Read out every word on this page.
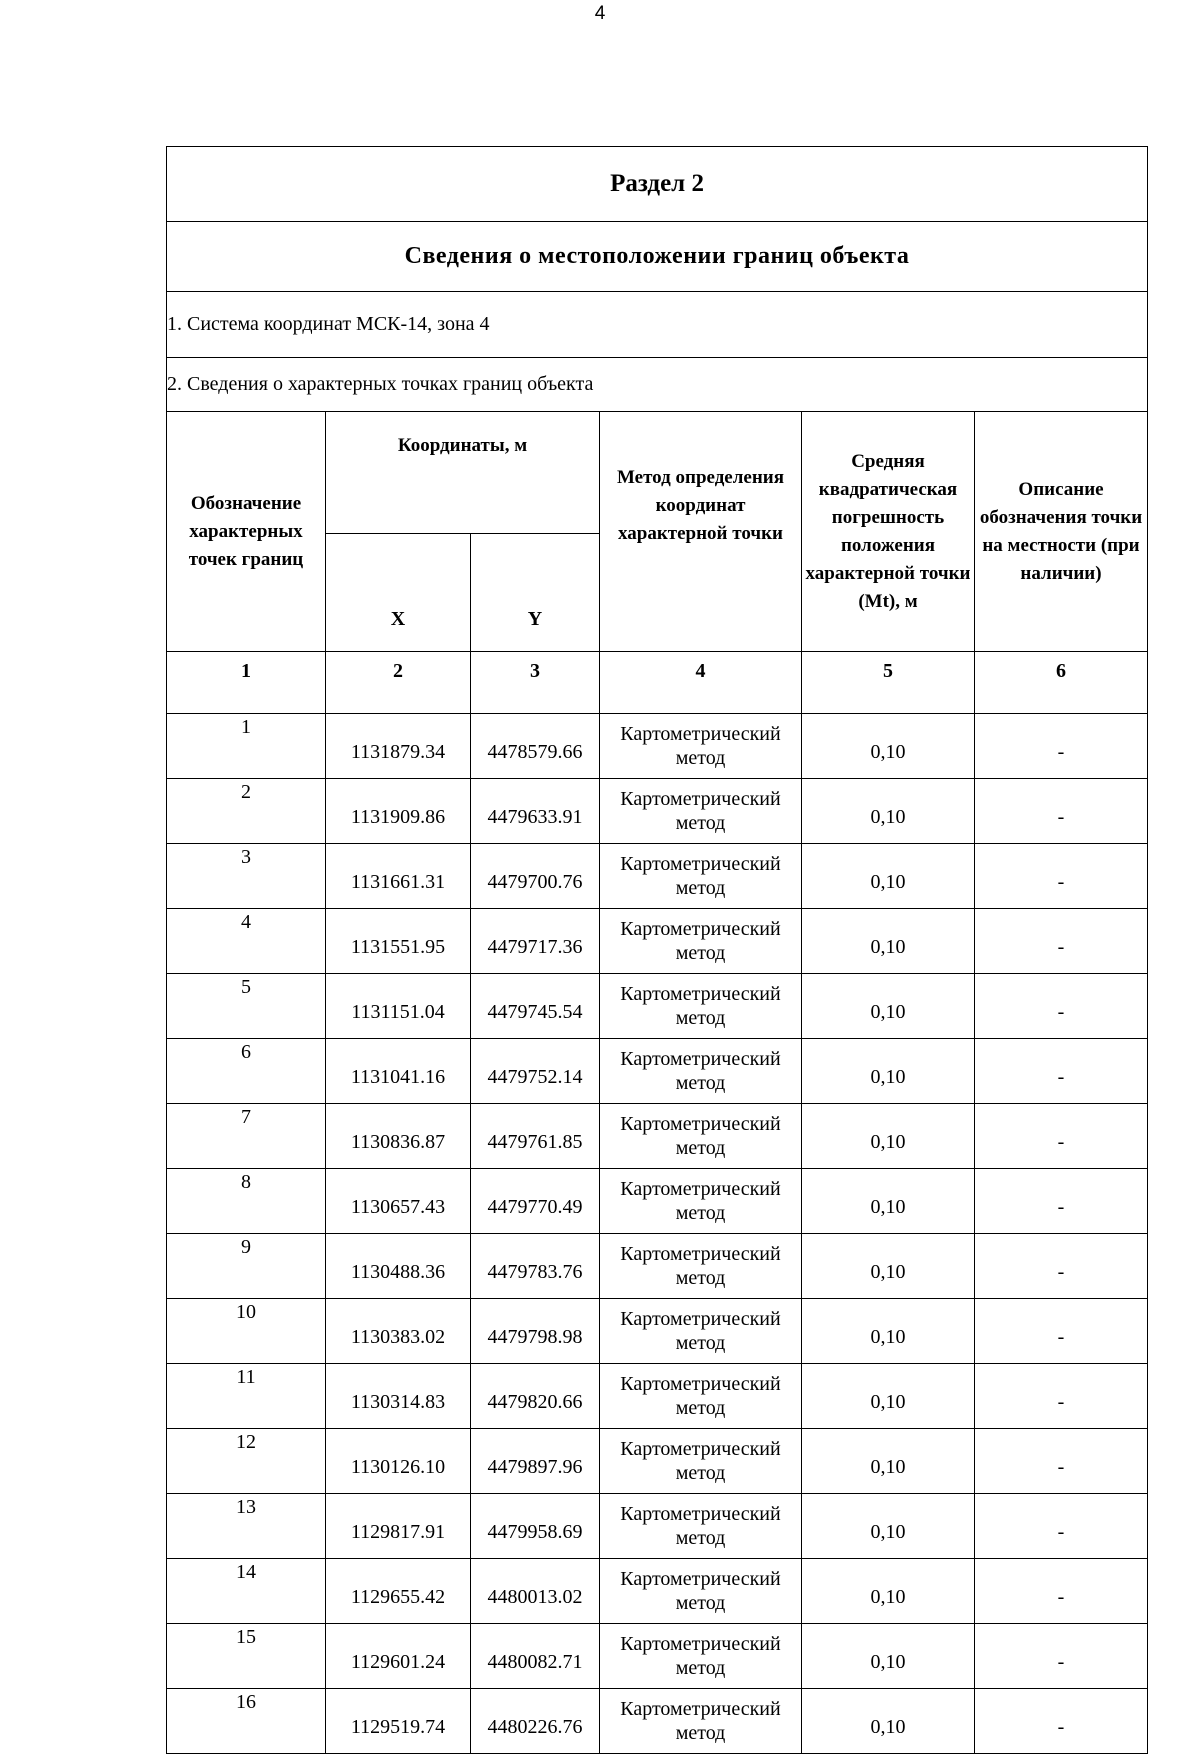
4
Раздел 2					
Сведения о местоположении границ объекта					
1. Система координат МСК-14, зона 4					
2. Сведения о характерных точках границ объекта					
Обозначение характерных точек границ	Координаты, м		Метод определения координат характерной точки	Средняя квадратическая погрешность положения характерной точки (Mt), м	Описание обозначения точки на местности (при наличии)
	X	Y			
1	2	3	4	5	6
1	1131879.34	4478579.66	Картометрический метод	0,10	-
2	1131909.86	4479633.91	Картометрический метод	0,10	-
3	1131661.31	4479700.76	Картометрический метод	0,10	-
4	1131551.95	4479717.36	Картометрический метод	0,10	-
5	1131151.04	4479745.54	Картометрический метод	0,10	-
6	1131041.16	4479752.14	Картометрический метод	0,10	-
7	1130836.87	4479761.85	Картометрический метод	0,10	-
8	1130657.43	4479770.49	Картометрический метод	0,10	-
9	1130488.36	4479783.76	Картометрический метод	0,10	-
10	1130383.02	4479798.98	Картометрический метод	0,10	-
11	1130314.83	4479820.66	Картометрический метод	0,10	-
12	1130126.10	4479897.96	Картометрический метод	0,10	-
13	1129817.91	4479958.69	Картометрический метод	0,10	-
14	1129655.42	4480013.02	Картометрический метод	0,10	-
15	1129601.24	4480082.71	Картометрический метод	0,10	-
16	1129519.74	4480226.76	Картометрический метод	0,10	-
